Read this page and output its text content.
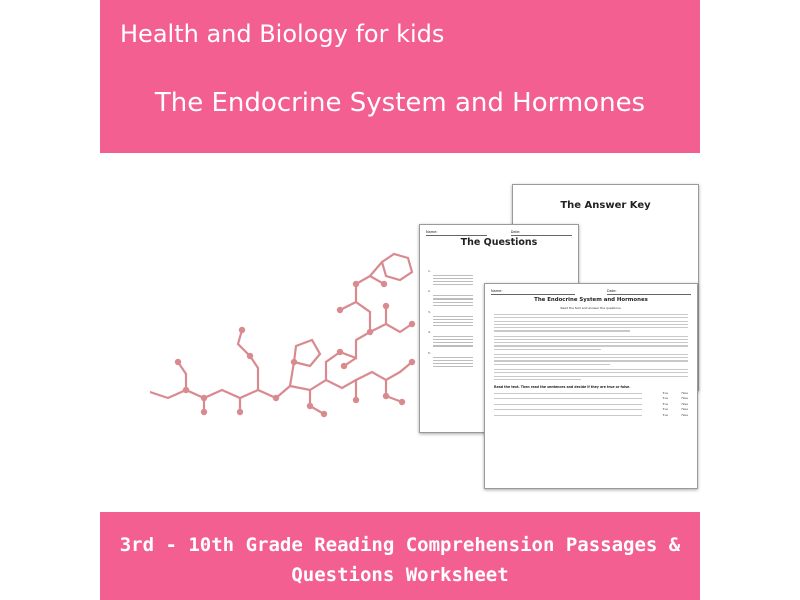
Health and Biology for kids
The Endocrine System and Hormones
The Answer Key
Name:	Date:
The Questions
1.
2.
3.
4.
5.
Name:	Date:
The Endocrine System and Hormones
Read the text and answer the questions.
Read the text. Then read the sentences and decide if they are true or false.
True	False
True	False
True	False
True	False
True	False
3rd - 10th Grade Reading Comprehension Passages &
Questions Worksheet
